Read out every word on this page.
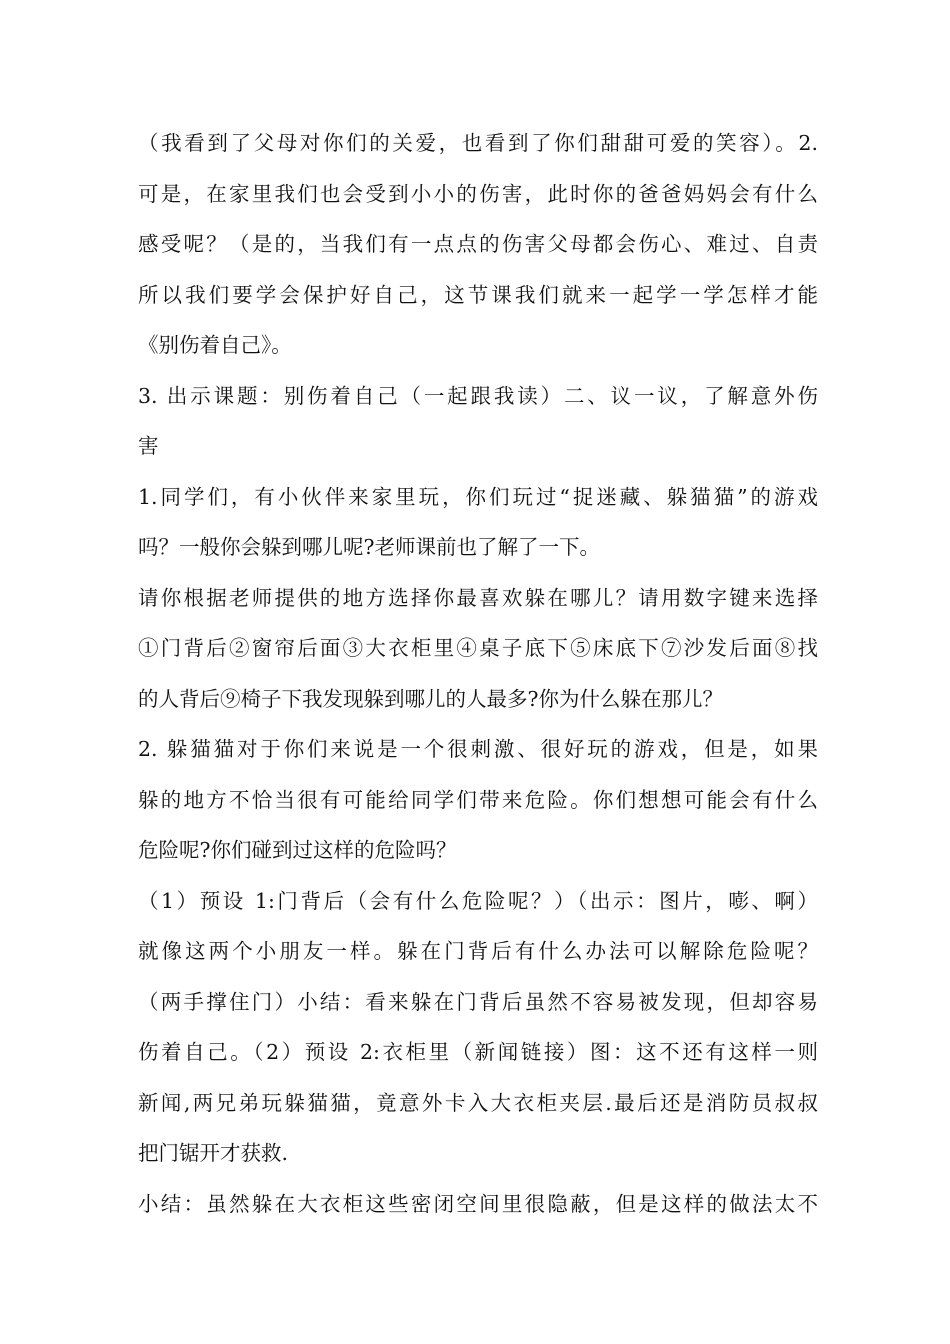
（我看到了父母对你们的关爱，也看到了你们甜甜可爱的笑容）。2.
可是，在家里我们也会受到小小的伤害，此时你的爸爸妈妈会有什么
感受呢？（是的，当我们有一点点的伤害父母都会伤心、难过、自责
所以我们要学会保护好自己，这节课我们就来一起学一学怎样才能
《别伤着自己》。
3. 出示课题：别伤着自己（一起跟我读）二、议一议，了解意外伤
害
1.同学们，有小伙伴来家里玩，你们玩过“捉迷藏、躲猫猫”的游戏
吗？一般你会躲到哪儿呢?老师课前也了解了一下。
请你根据老师提供的地方选择你最喜欢躲在哪儿？请用数字键来选择
①门背后②窗帘后面③大衣柜里④桌子底下⑤床底下⑦沙发后面⑧找
的人背后⑨椅子下我发现躲到哪儿的人最多?你为什么躲在那儿？
2. 躲猫猫对于你们来说是一个很刺激、很好玩的游戏，但是，如果
躲的地方不恰当很有可能给同学们带来危险。你们想想可能会有什么
危险呢?你们碰到过这样的危险吗？
（1）预设 1:门背后（会有什么危险呢？）（出示：图片，嘭、啊）
就像这两个小朋友一样。躲在门背后有什么办法可以解除危险呢？
（两手撑住门）小结：看来躲在门背后虽然不容易被发现，但却容易
伤着自己。（2）预设 2:衣柜里（新闻链接）图：这不还有这样一则
新闻,两兄弟玩躲猫猫，竟意外卡入大衣柜夹层.最后还是消防员叔叔
把门锯开才获救.
小结：虽然躲在大衣柜这些密闭空间里很隐蔽，但是这样的做法太不
